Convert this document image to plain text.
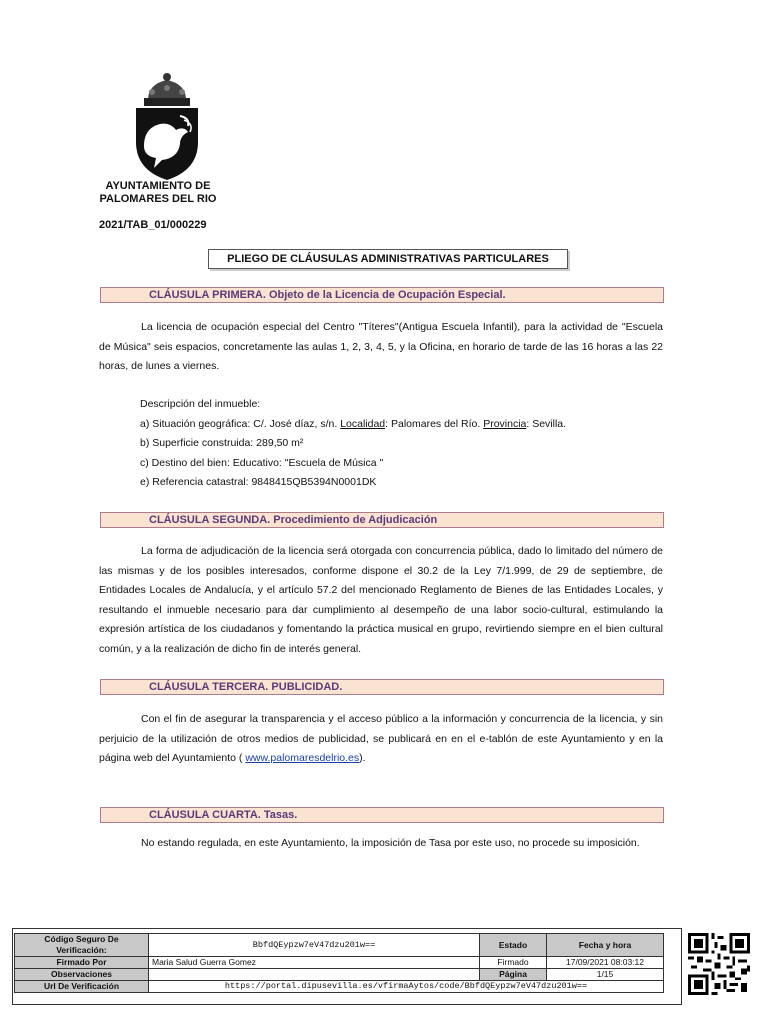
AYUNTAMIENTO DE
PALOMARES DEL RIO
2021/TAB_01/000229
PLIEGO DE CLÁUSULAS ADMINISTRATIVAS PARTICULARES
CLÁUSULA PRIMERA. Objeto de la Licencia de Ocupación Especial.

La licencia de ocupación especial del Centro "Títeres"(Antigua Escuela Infantil), para la actividad de "Escuela de Música" seis espacios, concretamente las aulas 1, 2, 3, 4, 5, y la Oficina, en horario de tarde de las 16 horas a las 22 horas, de lunes a viernes.

Descripción del inmueble:
a) Situación geográfica: C/. José díaz, s/n. Localidad: Palomares del Río. Provincia: Sevilla.
b) Superficie construida: 289,50 m²
c) Destino del bien: Educativo: "Escuela de Música "
e) Referencia catastral: 9848415QB5394N0001DK
CLÁUSULA SEGUNDA. Procedimiento de Adjudicación

La forma de adjudicación de la licencia será otorgada con concurrencia pública, dado lo limitado del número de las mismas y de los posibles interesados, conforme dispone el 30.2 de la Ley 7/1.999, de 29 de septiembre, de Entidades Locales de Andalucía, y el artículo 57.2 del mencionado Reglamento de Bienes de las Entidades Locales, y resultando el inmueble necesario para dar cumplimiento al desempeño de una labor socio-cultural, estimulando la expresión artística de los ciudadanos y fomentando la práctica musical en grupo, revirtiendo siempre en el bien cultural común, y a la realización de dicho fin de interés general.

CLÁUSULA TERCERA. PUBLICIDAD.

Con el fin de asegurar la transparencia y el acceso público a la información y concurrencia de la licencia, y sin perjuicio de la utilización de otros medios de publicidad, se publicará en en el e-tablón de este Ayuntamiento y en la página web del Ayuntamiento ( www.palomaresdelrio.es).

CLÁUSULA CUARTA. Tasas.

No estando regulada, en este Ayuntamiento, la imposición de Tasa por este uso, no procede su imposición.

Código Seguro De Verificación:	BbfdQEypzw7eV47dzu201w==	Estado	Fecha y hora
Firmado Por	Maria Salud Guerra Gomez	Firmado	17/09/2021 08:03:12
Observaciones		Página	1/15
Url De Verificación	https://portal.dipusevilla.es/vfirmaAytos/code/BbfdQEypzw7eV47dzu201w==		
